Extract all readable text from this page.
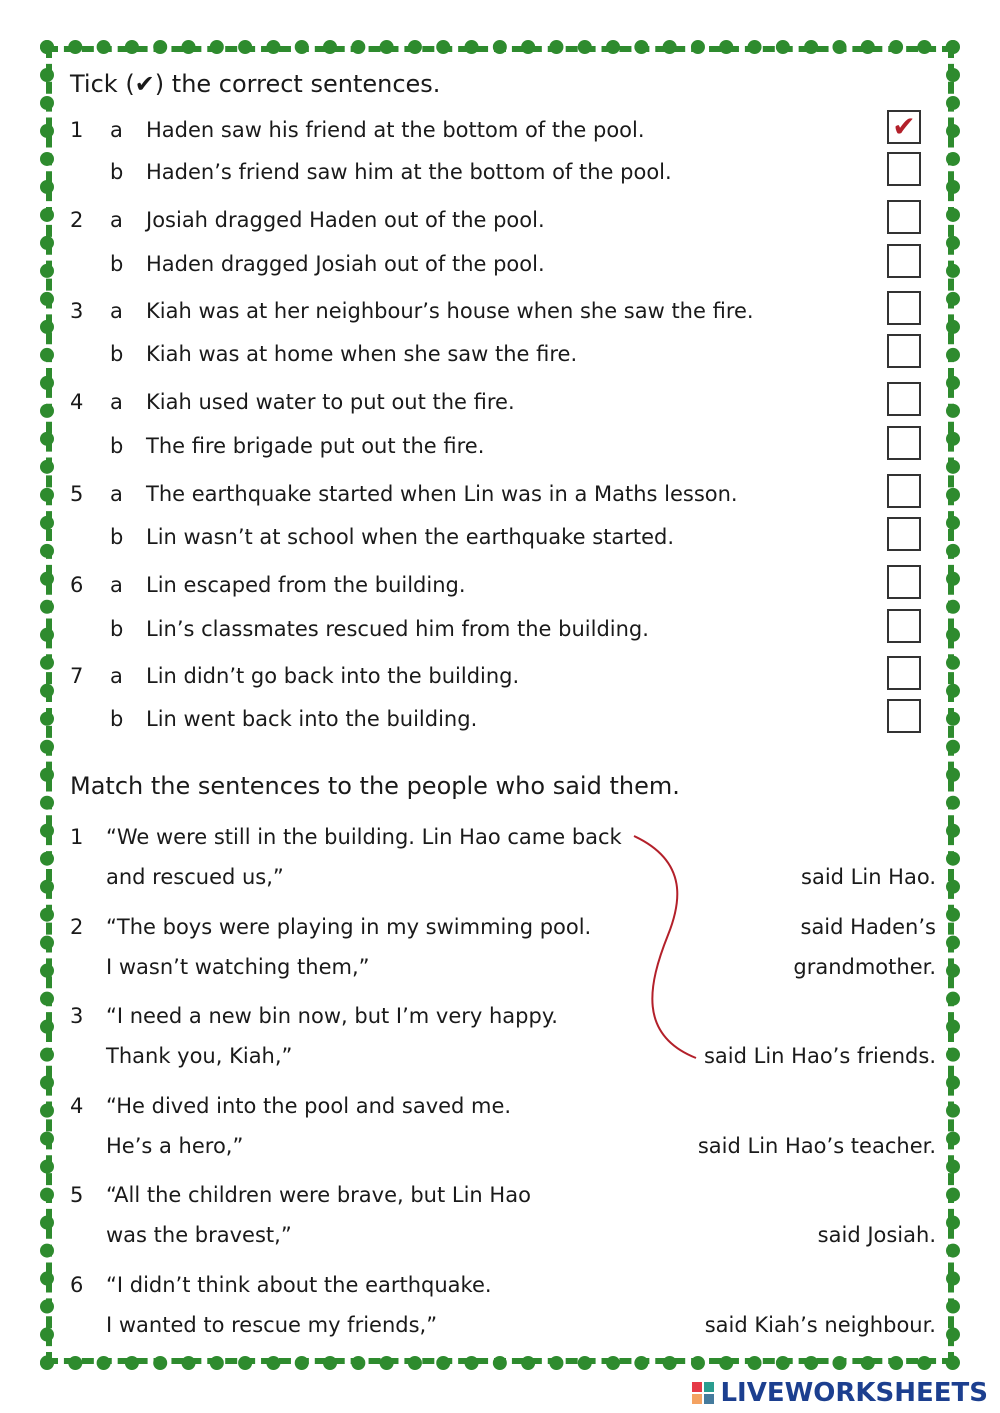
Tick (✔) the correct sentences.
1 a Haden saw his friend at the bottom of the pool.	✔
b Haden’s friend saw him at the bottom of the pool.
2 a Josiah dragged Haden out of the pool.
b Haden dragged Josiah out of the pool.
3 a Kiah was at her neighbour’s house when she saw the fire.
b Kiah was at home when she saw the fire.
4 a Kiah used water to put out the fire.
b The fire brigade put out the fire.
5 a The earthquake started when Lin was in a Maths lesson.
b Lin wasn’t at school when the earthquake started.
6 a Lin escaped from the building.
b Lin’s classmates rescued him from the building.
7 a Lin didn’t go back into the building.
b Lin went back into the building.
Match the sentences to the people who said them.
1 “We were still in the building. Lin Hao came back
and rescued us,”	said Lin Hao.
2 “The boys were playing in my swimming pool.
I wasn’t watching them,”
said Haden’s
grandmother.
3 “I need a new bin now, but I’m very happy.
Thank you, Kiah,”	said Lin Hao’s friends.
4 “He dived into the pool and saved me.
He’s a hero,”	said Lin Hao’s teacher.
5 “All the children were brave, but Lin Hao
was the bravest,”	said Josiah.
6 “I didn’t think about the earthquake.
I wanted to rescue my friends,”	said Kiah’s neighbour.
LIVEWORKSHEETS
